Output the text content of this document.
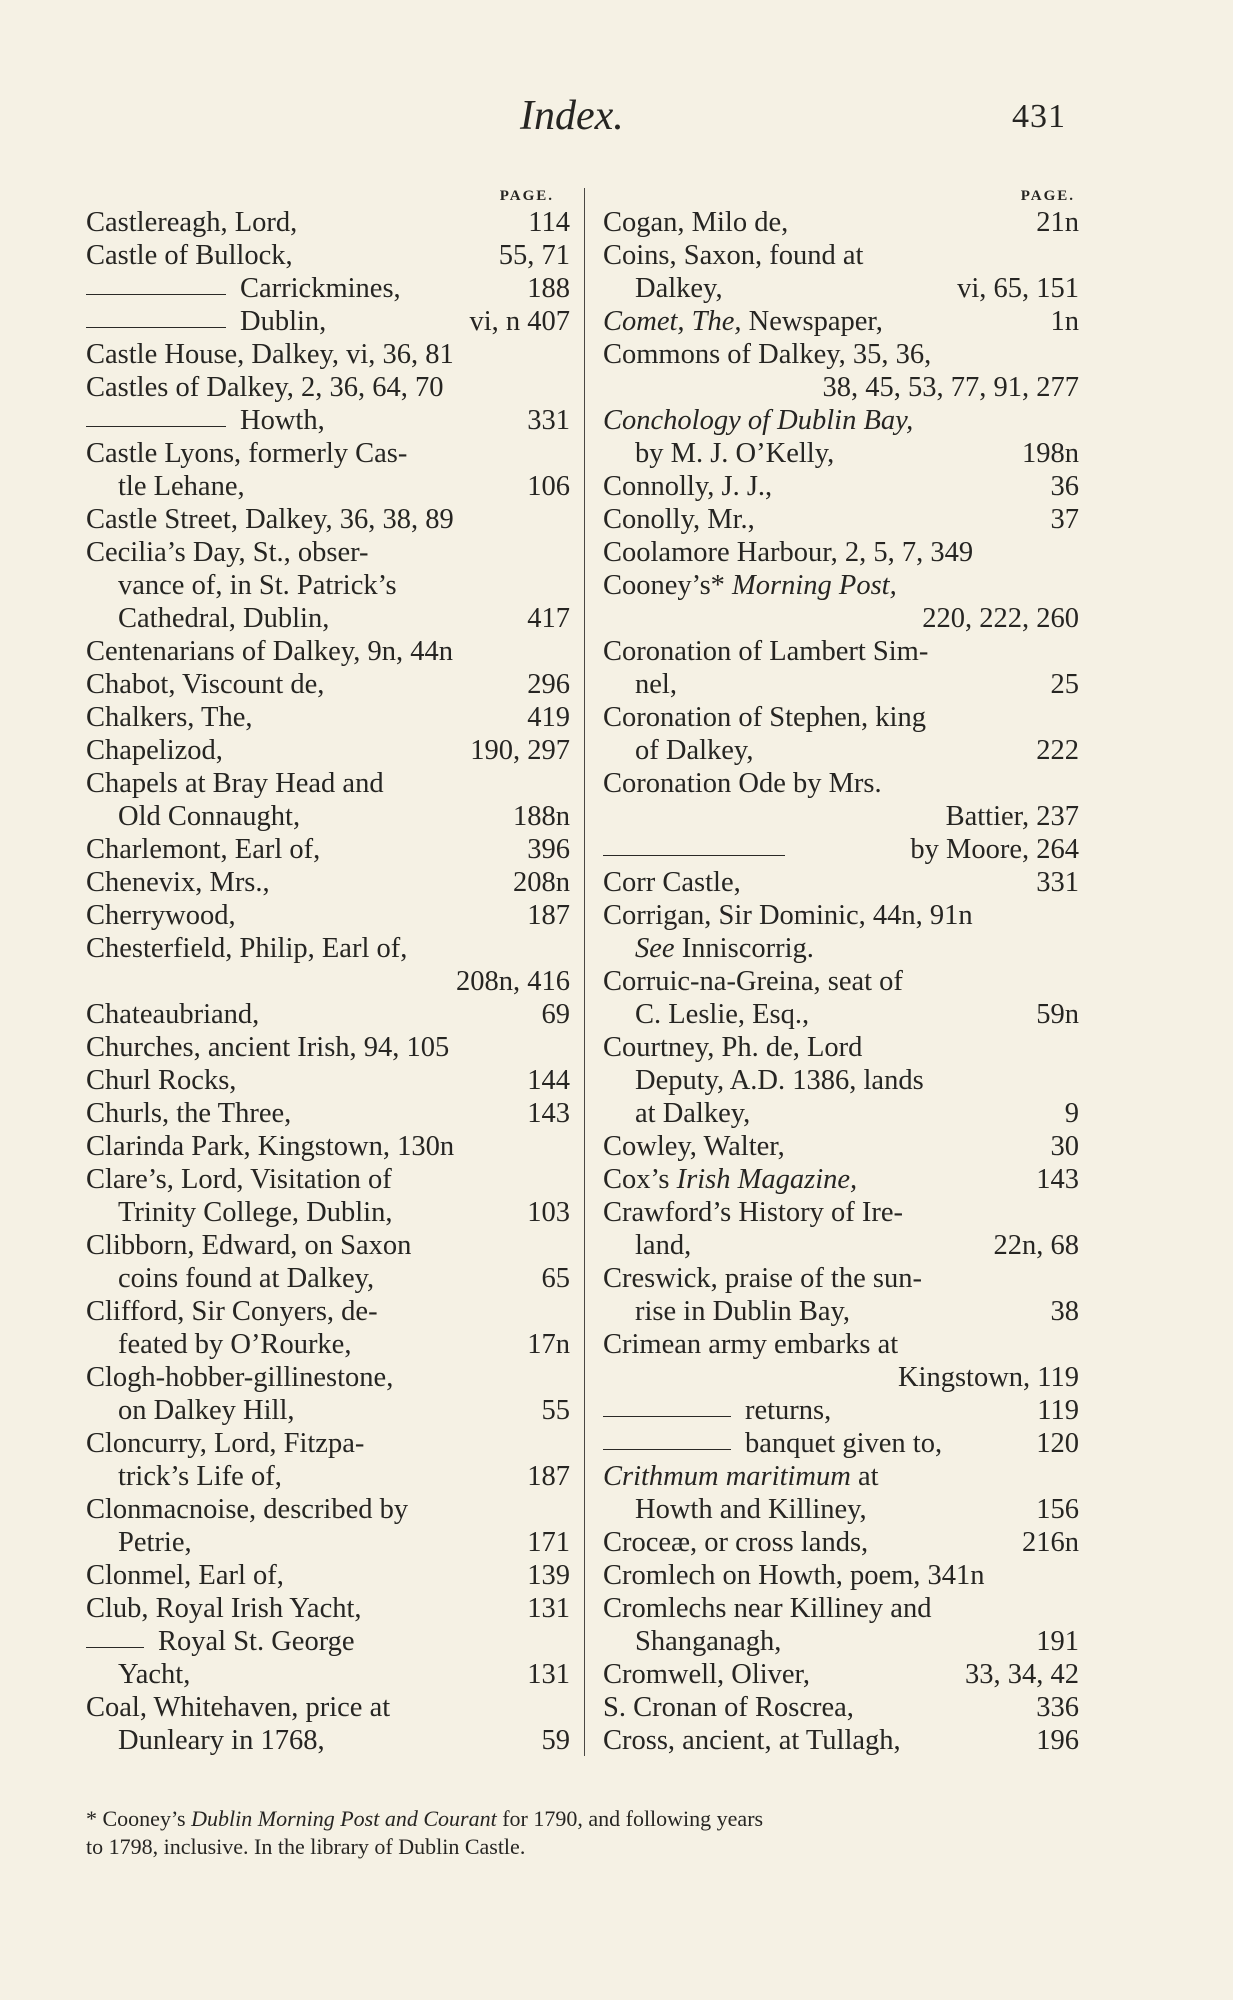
Index.	431
PAGE.
Castlereagh, Lord,	114
Castle of Bullock,	55, 71
Carrickmines,	188
Dublin,	vi, n 407
Castle House, Dalkey, vi, 36, 81
Castles of Dalkey, 2, 36, 64, 70
Howth,	331
Castle Lyons, formerly Cas-
tle Lehane,	106
Castle Street, Dalkey, 36, 38, 89
Cecilia’s Day, St., obser-
vance of, in St. Patrick’s
Cathedral, Dublin,	417
Centenarians of Dalkey, 9n, 44n
Chabot, Viscount de,	296
Chalkers, The,	419
Chapelizod,	190, 297
Chapels at Bray Head and
Old Connaught,	188n
Charlemont, Earl of,	396
Chenevix, Mrs.,	208n
Cherrywood,	187
Chesterfield, Philip, Earl of,
208n, 416
Chateaubriand,	69
Churches, ancient Irish, 94, 105
Churl Rocks,	144
Churls, the Three,	143
Clarinda Park, Kingstown, 130n
Clare’s, Lord, Visitation of
Trinity College, Dublin,	103
Clibborn, Edward, on Saxon
coins found at Dalkey,	65
Clifford, Sir Conyers, de-
feated by O’Rourke,	17n
Clogh-hobber-gillinestone,
on Dalkey Hill,	55
Cloncurry, Lord, Fitzpa-
trick’s Life of,	187
Clonmacnoise, described by
Petrie,	171
Clonmel, Earl of,	139
Club, Royal Irish Yacht,	131
Royal St. George
Yacht,	131
Coal, Whitehaven, price at
Dunleary in 1768,	59
PAGE.
Cogan, Milo de,	21n
Coins, Saxon, found at
Dalkey,	vi, 65, 151
Comet, The, Newspaper,	1n
Commons of Dalkey, 35, 36,
38, 45, 53, 77, 91, 277
Conchology of Dublin Bay,
by M. J. O’Kelly,	198n
Connolly, J. J.,	36
Conolly, Mr.,	37
Coolamore Harbour, 2, 5, 7, 349
Cooney’s* Morning Post,
220, 222, 260
Coronation of Lambert Sim-
nel,	25
Coronation of Stephen, king
of Dalkey,	222
Coronation Ode by Mrs.
Battier, 237
by Moore, 264
Corr Castle,	331
Corrigan, Sir Dominic, 44n, 91n
See Inniscorrig.
Corruic-na-Greina, seat of
C. Leslie, Esq.,	59n
Courtney, Ph. de, Lord
Deputy, A.D. 1386, lands
at Dalkey,	9
Cowley, Walter,	30
Cox’s Irish Magazine,	143
Crawford’s History of Ire-
land,	22n, 68
Creswick, praise of the sun-
rise in Dublin Bay,	38
Crimean army embarks at
Kingstown, 119
returns,	119
banquet given to,	120
Crithmum maritimum at
Howth and Killiney,	156
Croceæ, or cross lands,	216n
Cromlech on Howth, poem, 341n
Cromlechs near Killiney and
Shanganagh,	191
Cromwell, Oliver,	33, 34, 42
S. Cronan of Roscrea,	336
Cross, ancient, at Tullagh,	196
* Cooney’s Dublin Morning Post and Courant for 1790, and following years
to 1798, inclusive. In the library of Dublin Castle.
